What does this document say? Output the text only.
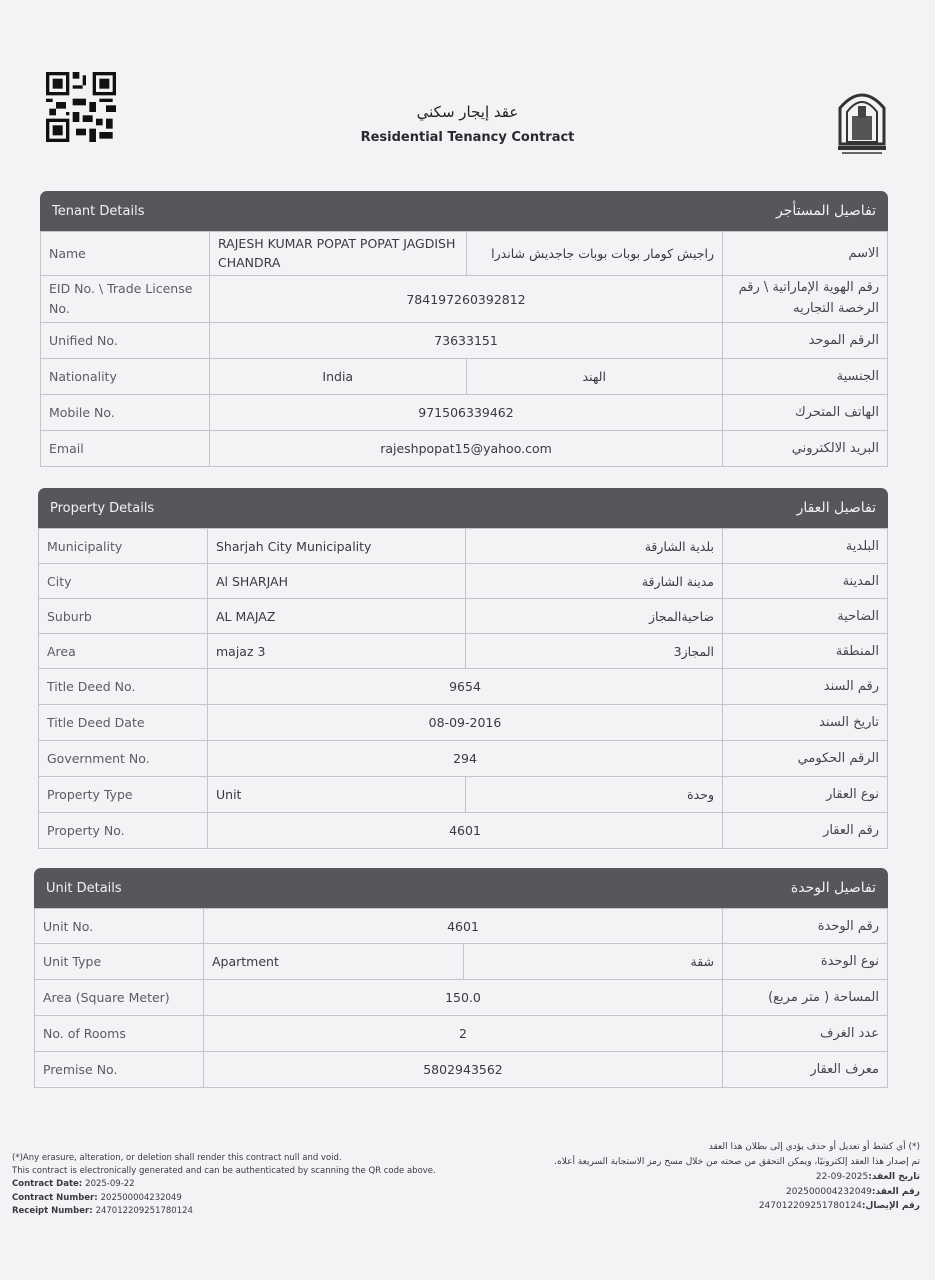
عقد إيجار سكني
Residential Tenancy Contract
Tenant Details	تفاصيل المستأجر
Name	RAJESH KUMAR POPAT POPAT JAGDISH CHANDRA	راجيش كومار بوبات بوبات جاجديش شاندرا	الاسم
EID No. \ Trade License No.	784197260392812		رقم الهوية الإماراتية \ رقم الرخصة التجاريه
Unified No.	73633151		الرقم الموحد
Nationality	India	الهند	الجنسية
Mobile No.	971506339462		الهاتف المتحرك
Email	rajeshpopat15@yahoo.com		البريد الالكتروني
Property Details	تفاصيل العقار
Municipality	Sharjah City Municipality	بلدية الشارقة	البلدية
City	Al SHARJAH	مدينة الشارقة	المدينة
Suburb	AL MAJAZ	ضاحيةالمجاز	الضاحية
Area	majaz 3	المجاز3	المنطقة
Title Deed No.	9654		رقم السند
Title Deed Date	08-09-2016		تاريخ السند
Government No.	294		الرقم الحكومي
Property Type	Unit	وحدة	نوع العقار
Property No.	4601		رقم العقار
Unit Details	تفاصيل الوحدة
Unit No.	4601		رقم الوحدة
Unit Type	Apartment	شقة	نوع الوحدة
Area (Square Meter)	150.0		المساحة ( متر مربع)
No. of Rooms	2		عدد الغرف
Premise No.	5802943562		معرف العقار
(*)Any erasure, alteration, or deletion shall render this contract null and void.
This contract is electronically generated and can be authenticated by scanning the QR code above.
Contract Date: 2025-09-22
Contract Number: 202500004232049
Receipt Number: 247012209251780124
(*) أي كشط أو تعديل أو حذف يؤدي إلى بطلان هذا العقد
تم إصدار هذا العقد إلكترونيًا، ويمكن التحقق من صحته من خلال مسح رمز الاستجابة السريعة أعلاه.
تاريخ العقد:2025-09-22
رقم العقد:202500004232049
رقم الإيصال:247012209251780124
